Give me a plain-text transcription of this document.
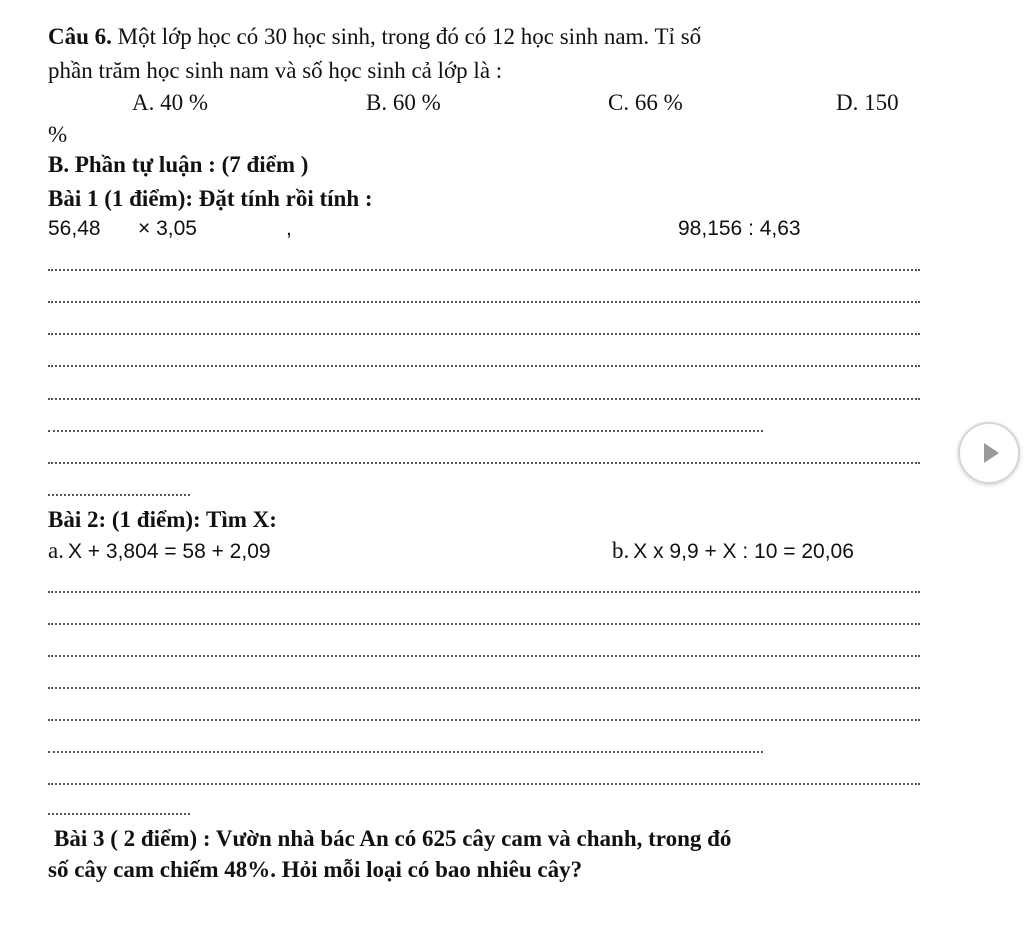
Câu 6. Một lớp học có 30 học sinh, trong đó có 12 học sinh nam. Tỉ số
phần trăm học sinh nam và số học sinh cả lớp là :
A. 40 %	B. 60 %	C. 66 %	D. 150
%
B. Phần tự luận : (7 điểm )
Bài 1 (1 điểm): Đặt tính rồi tính :
56,48 × 3,05	,	98,156 : 4,63
Bài 2: (1 điểm): Tìm X:
a. X + 3,804 = 58 + 2,09	b. X x 9,9 + X : 10 = 20,06
Bài 3 ( 2 điểm) : Vườn nhà bác An có 625 cây cam và chanh, trong đó
số cây cam chiếm 48%. Hỏi mỗi loại có bao nhiêu cây?
